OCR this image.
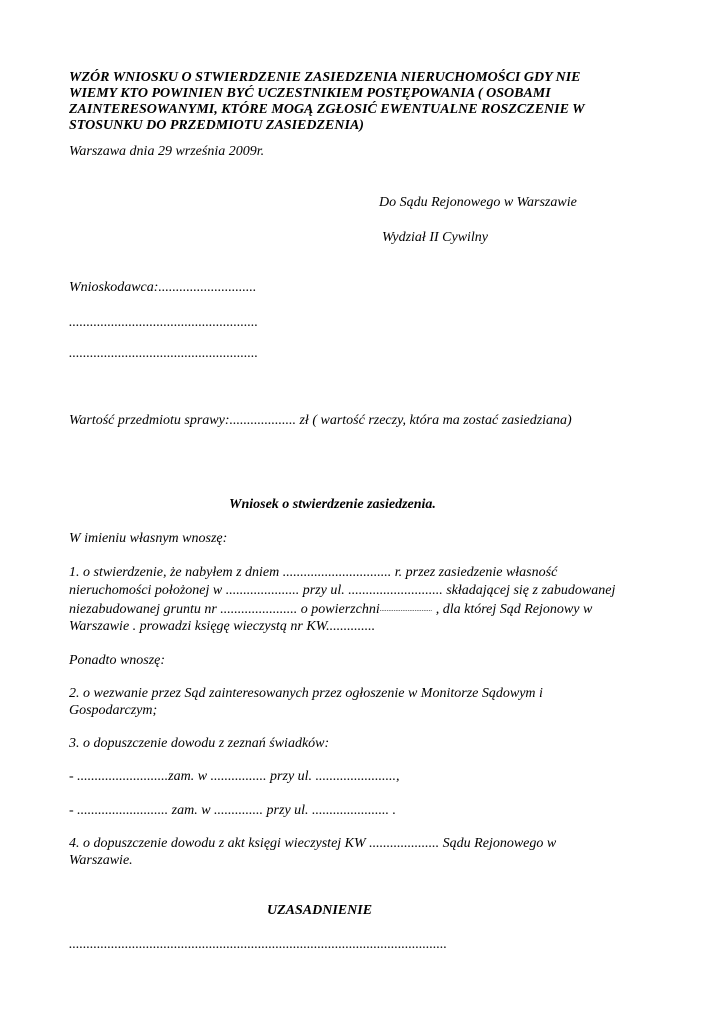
WZÓR WNIOSKU O STWIERDZENIE ZASIEDZENIA NIERUCHOMOŚCI GDY NIE
WIEMY KTO POWINIEN BYĆ UCZESTNIKIEM POSTĘPOWANIA ( OSOBAMI
ZAINTERESOWANYMI, KTÓRE MOGĄ ZGŁOSIĆ EWENTUALNE ROSZCZENIE W
STOSUNKU DO PRZEDMIOTU ZASIEDZENIA)
Warszawa dnia 29 września 2009r.
Do Sądu Rejonowego w Warszawie
Wydział II Cywilny
Wnioskodawca:............................
......................................................
......................................................
Wartość przedmiotu sprawy:................... zł ( wartość rzeczy, która ma zostać zasiedziana)
Wniosek o stwierdzenie zasiedzenia.
W imieniu własnym wnoszę:
1. o stwierdzenie, że nabyłem z dniem ............................... r. przez zasiedzenie własność
nieruchomości położonej w ..................... przy ul. ........................... składającej się z zabudowanej
niezabudowanej gruntu nr ...................... o powierzchni.............................. , dla której Sąd Rejonowy w
Warszawie . prowadzi księgę wieczystą nr KW..............
Ponadto wnoszę:
2. o wezwanie przez Sąd zainteresowanych przez ogłoszenie w Monitorze Sądowym i
Gospodarczym;
3. o dopuszczenie dowodu z zeznań świadków:
- ..........................zam. w ................ przy ul. .......................,
- .......................... zam. w .............. przy ul. ...................... .
4. o dopuszczenie dowodu z akt księgi wieczystej KW .................... Sądu Rejonowego w
Warszawie.
UZASADNIENIE
............................................................................................................
